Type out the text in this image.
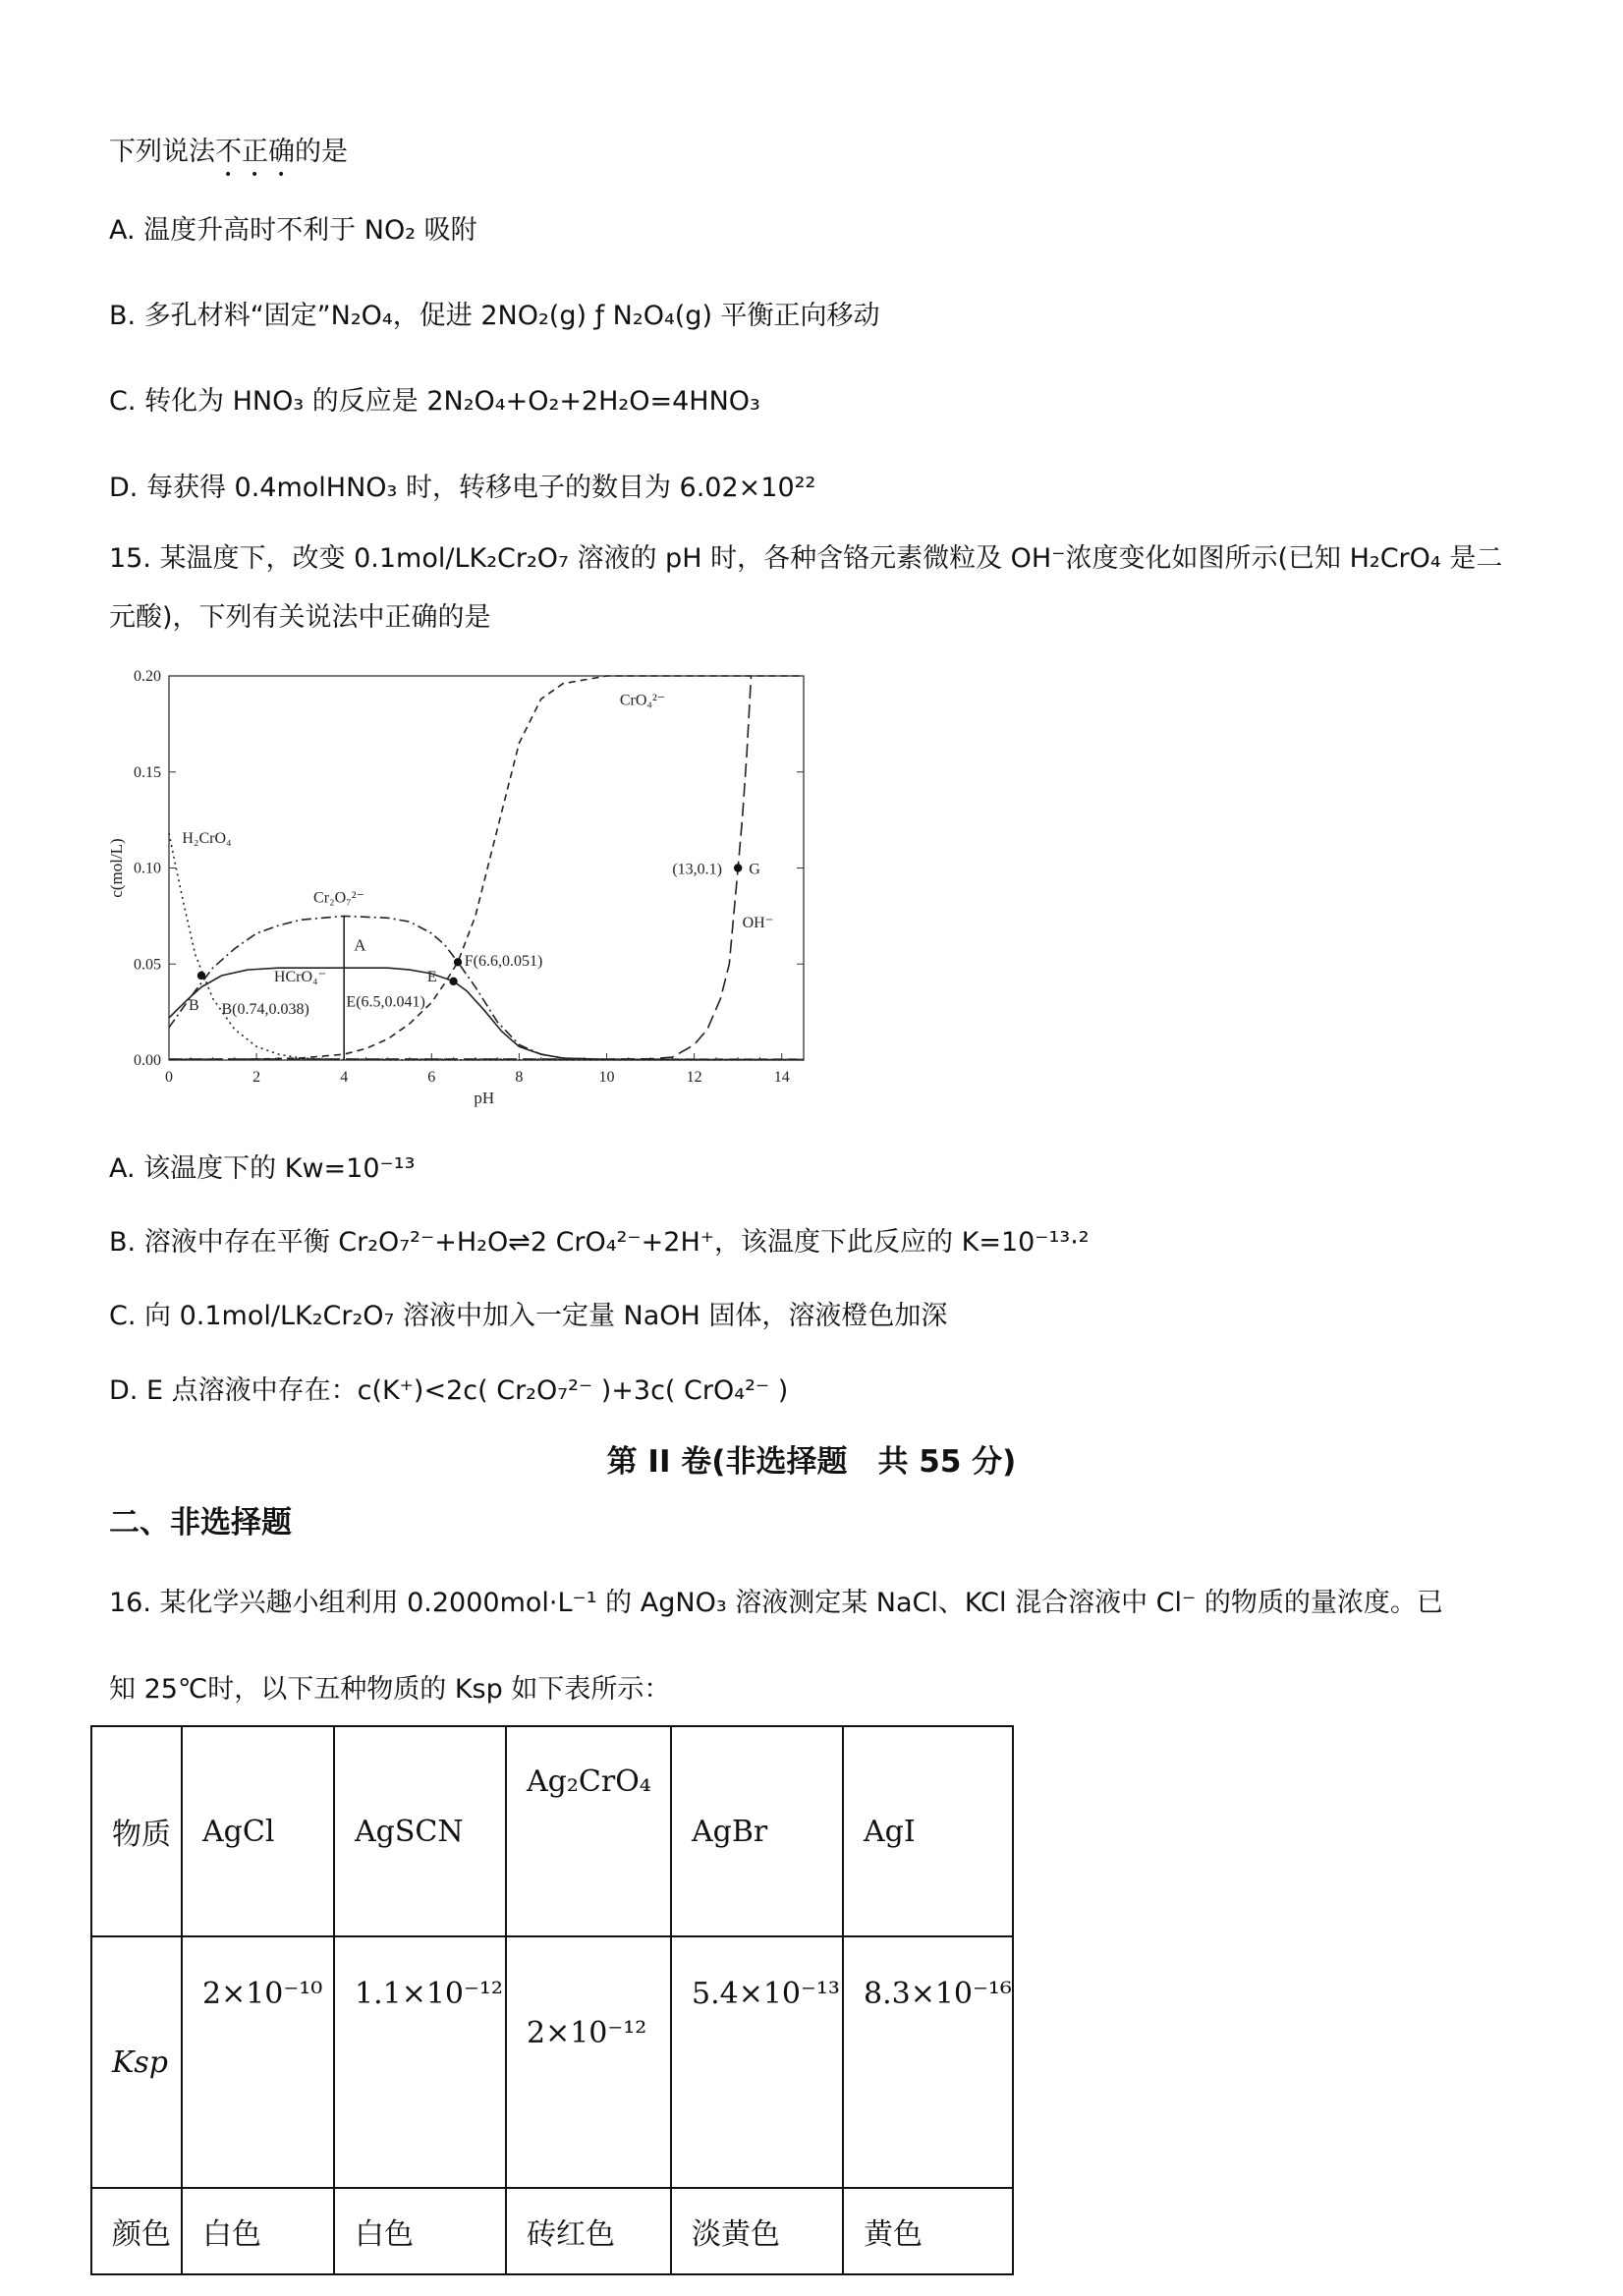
下列说法不正确的是
A. 温度升高时不利于 NO₂ 吸附
B. 多孔材料“固定”N₂O₄，促进 2NO₂(g) ƒ N₂O₄(g) 平衡正向移动
C. 转化为 HNO₃ 的反应是 2N₂O₄+O₂+2H₂O=4HNO₃
D. 每获得 0.4molHNO₃ 时，转移电子的数目为 6.02×10²²
15. 某温度下，改变 0.1mol/LK₂Cr₂O₇ 溶液的 pH 时，各种含铬元素微粒及 OH⁻浓度变化如图所示(已知 H₂CrO₄ 是二元酸)，下列有关说法中正确的是
0	2	4	6	8	10	12	14
0.00
0.05
0.10
0.15
0.20
pH
c(mol/L)
A
H₂CrO₄
Cr₂O₇²⁻
HCrO₄⁻
CrO₄²⁻
OH⁻
B B(0.74,0.038)
E
E(6.5,0.041)
F(6.6,0.051)
(13,0.1) G
A. 该温度下的 Kw=10⁻¹³
B. 溶液中存在平衡 Cr₂O₇²⁻+H₂O⇌2 CrO₄²⁻+2H⁺，该温度下此反应的 K=10⁻¹³·²
C. 向 0.1mol/LK₂Cr₂O₇ 溶液中加入一定量 NaOH 固体，溶液橙色加深
D. E 点溶液中存在：c(K⁺)<2c( Cr₂O₇²⁻ )+3c( CrO₄²⁻ )
第 II 卷(非选择题　共 55 分)
二、非选择题
16. 某化学兴趣小组利用 0.2000mol·L⁻¹ 的 AgNO₃ 溶液测定某 NaCl、KCl 混合溶液中 Cl⁻ 的物质的量浓度。已
知 25℃时，以下五种物质的 Ksp 如下表所示：
物质	AgCl	AgSCN	Ag₂CrO₄	AgBr	AgI
Ksp	2×10⁻¹⁰	1.1×10⁻¹²	2×10⁻¹²	5.4×10⁻¹³	8.3×10⁻¹⁶
颜色	白色	白色	砖红色	淡黄色	黄色
